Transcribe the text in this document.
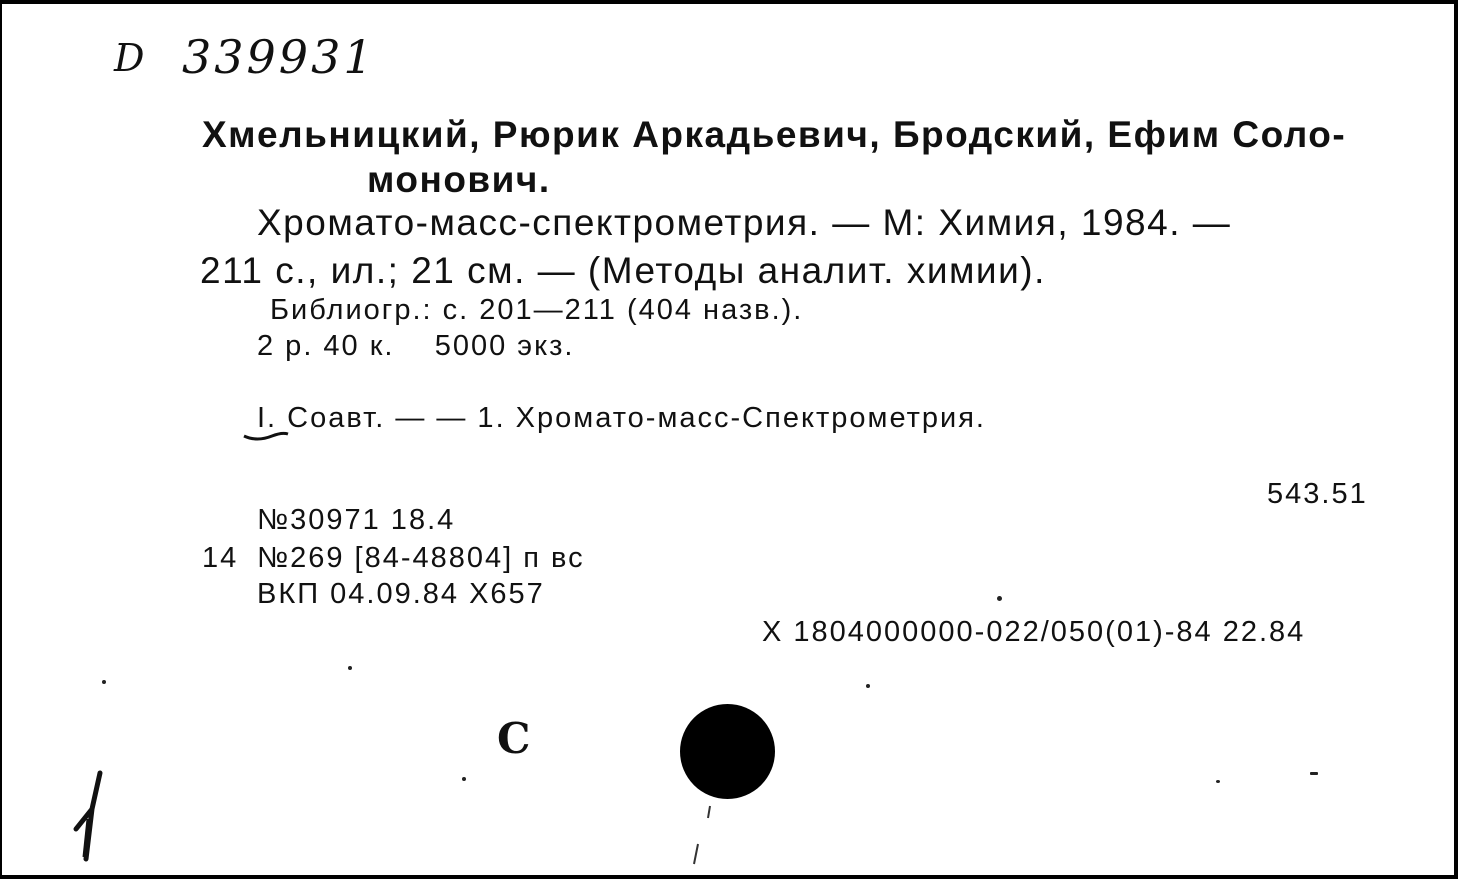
D 339931
Хмельницкий, Рюрик Аркадьевич, Бродский, Ефим Соло-
монович.
Хромато-масс-спектрометрия. — М: Химия, 1984. —
211 с., ил.; 21 см. — (Методы аналит. химии).
Библиогр.: с. 201—211 (404 назв.).
2 р. 40 к.    5000 экз.
I. Соавт. — — 1. Хромато-масс-Спектрометрия.
543.51
№30971 18.4
14 №269 [84-48804] п вс
ВКП 04.09.84 Х657
Х 1804000000-022/050(01)-84 22.84
С
